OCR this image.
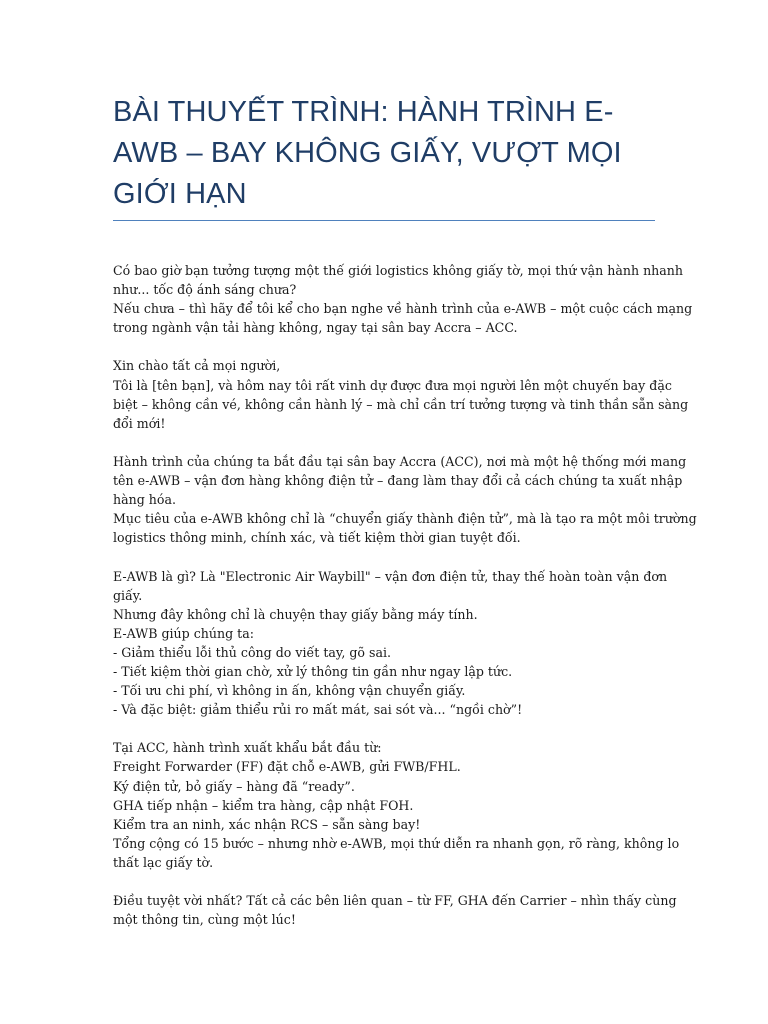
BÀI THUYẾT TRÌNH: HÀNH TRÌNH E-AWB – BAY KHÔNG GIẤY, VƯỢT MỌI GIỚI HẠN

Có bao giờ bạn tưởng tượng một thế giới logistics không giấy tờ, mọi thứ vận hành nhanh
như... tốc độ ánh sáng chưa?
Nếu chưa – thì hãy để tôi kể cho bạn nghe về hành trình của e-AWB – một cuộc cách mạng
trong ngành vận tải hàng không, ngay tại sân bay Accra – ACC.

Xin chào tất cả mọi người,
Tôi là [tên bạn], và hôm nay tôi rất vinh dự được đưa mọi người lên một chuyến bay đặc
biệt – không cần vé, không cần hành lý – mà chỉ cần trí tưởng tượng và tinh thần sẵn sàng
đổi mới!

Hành trình của chúng ta bắt đầu tại sân bay Accra (ACC), nơi mà một hệ thống mới mang
tên e-AWB – vận đơn hàng không điện tử – đang làm thay đổi cả cách chúng ta xuất nhập
hàng hóa.
Mục tiêu của e-AWB không chỉ là “chuyển giấy thành điện tử”, mà là tạo ra một môi trường
logistics thông minh, chính xác, và tiết kiệm thời gian tuyệt đối.

E-AWB là gì? Là "Electronic Air Waybill" – vận đơn điện tử, thay thế hoàn toàn vận đơn
giấy.
Nhưng đây không chỉ là chuyện thay giấy bằng máy tính.
E-AWB giúp chúng ta:
- Giảm thiểu lỗi thủ công do viết tay, gõ sai.
- Tiết kiệm thời gian chờ, xử lý thông tin gần như ngay lập tức.
- Tối ưu chi phí, vì không in ấn, không vận chuyển giấy.
- Và đặc biệt: giảm thiểu rủi ro mất mát, sai sót và... “ngồi chờ”!

Tại ACC, hành trình xuất khẩu bắt đầu từ:
Freight Forwarder (FF) đặt chỗ e-AWB, gửi FWB/FHL.
Ký điện tử, bỏ giấy – hàng đã “ready”.
GHA tiếp nhận – kiểm tra hàng, cập nhật FOH.
Kiểm tra an ninh, xác nhận RCS – sẵn sàng bay!
Tổng cộng có 15 bước – nhưng nhờ e-AWB, mọi thứ diễn ra nhanh gọn, rõ ràng, không lo
thất lạc giấy tờ.

Điều tuyệt vời nhất? Tất cả các bên liên quan – từ FF, GHA đến Carrier – nhìn thấy cùng
một thông tin, cùng một lúc!
